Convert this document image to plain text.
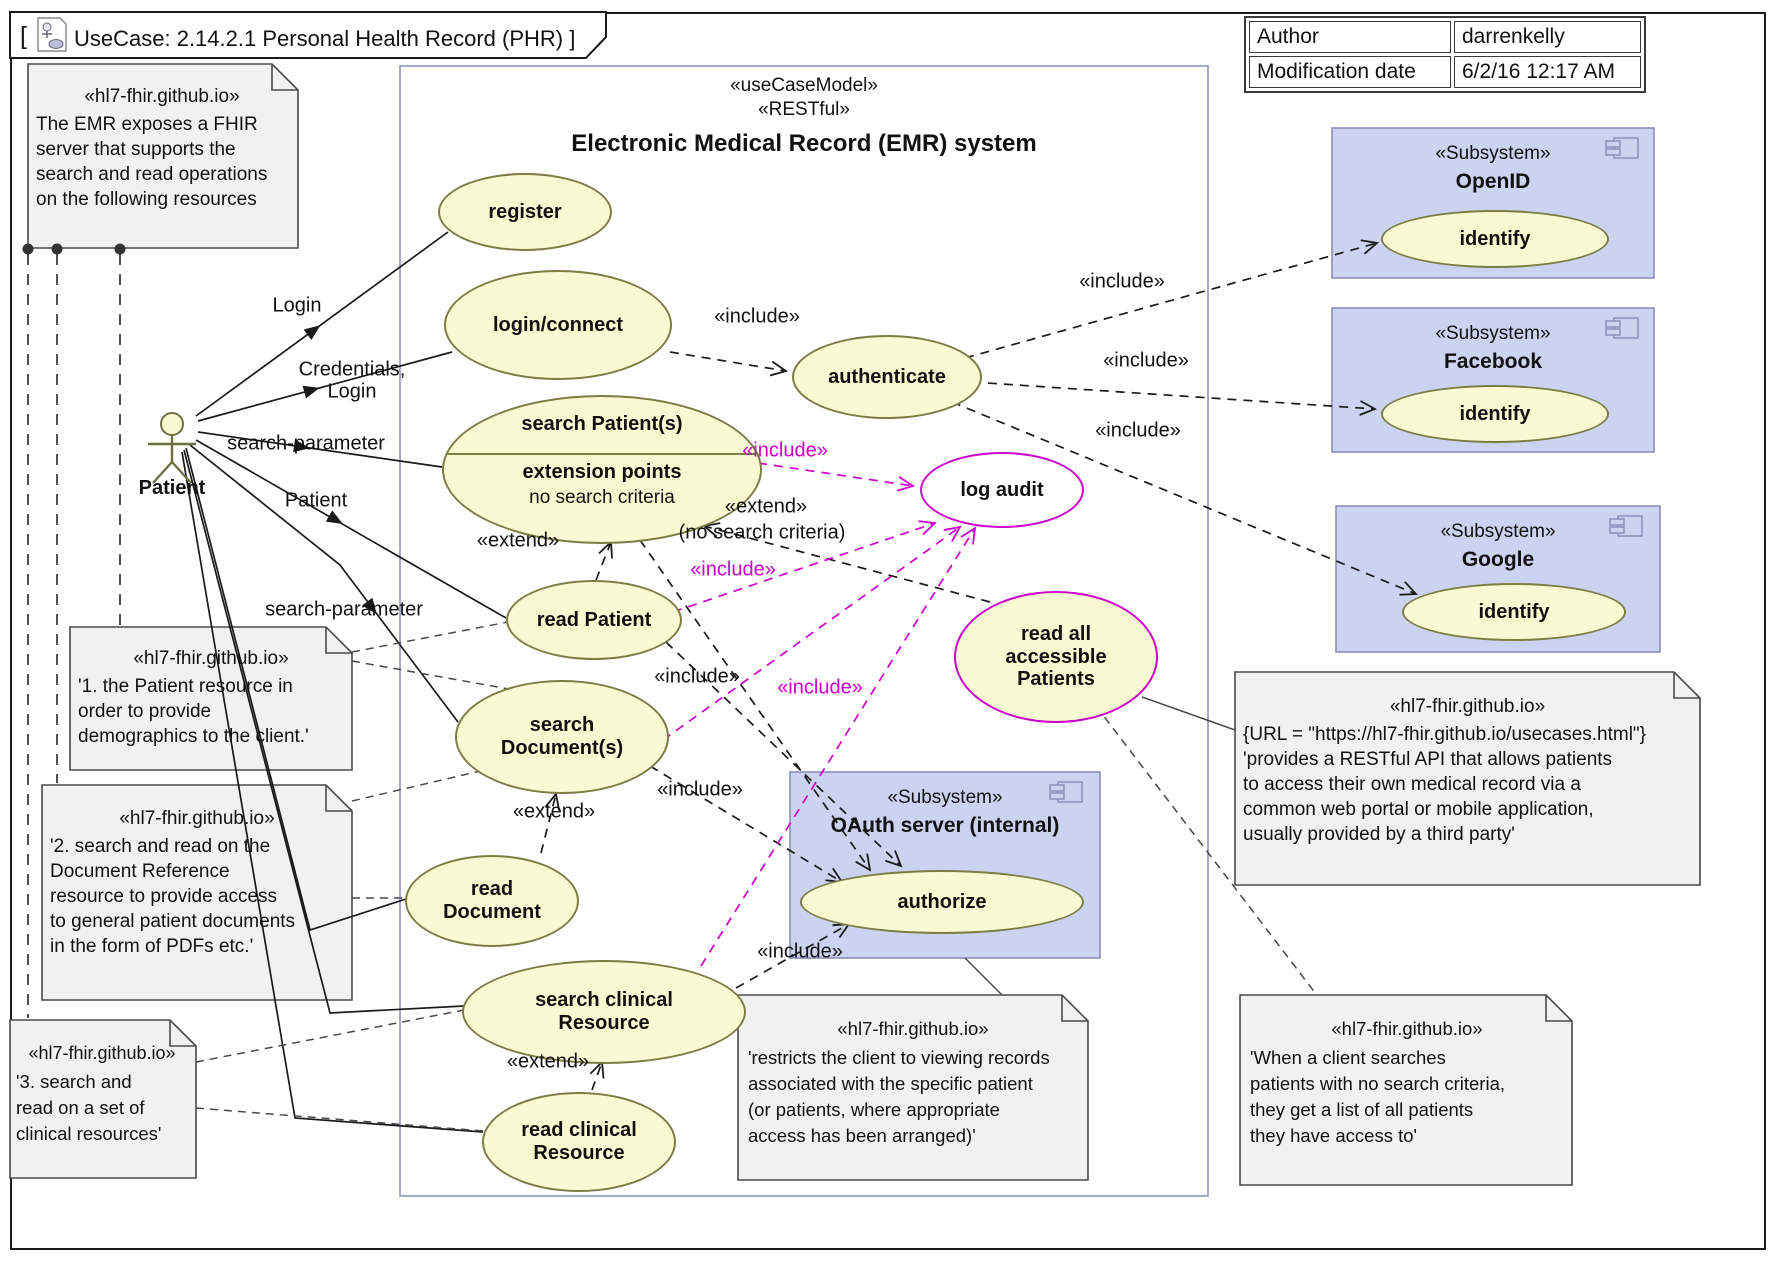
[ UseCase: 2.14.2.1 Personal Health Record (PHR) ]	Author	darrenkelly
Modification date	6/2/16 12:17 AM
«useCaseModel»
«RESTful»
Electronic Medical Record (EMR) system
Patient
register
login/connect
search Patient(s)
extension points
no search criteria
read Patient
search
Document(s)
read
Document
search clinical
Resource
read clinical
Resource
authenticate
log audit
read all
accessible
Patients
identify
identify
identify
authorize
«Subsystem»
OpenID
«Subsystem»
Facebook
«Subsystem»
Google
«Subsystem»
OAuth server (internal)
Login
Credentials,
Login
search-parameter
Patient
search-parameter
«include»
«include»
«include»
«include»
«include»
«include»
«include»
«extend»
(no search criteria)
«extend»
«extend»
«extend»
«include»
«include»
«include»
«hl7-fhir.github.io»
The EMR exposes a FHIR
server that supports the
search and read operations
on the following resources
«hl7-fhir.github.io»
'1. the Patient resource in
order to provide
demographics to the client.'
«hl7-fhir.github.io»
'2. search and read on the
Document Reference
resource to provide access
to general patient documents
in the form of PDFs etc.'
«hl7-fhir.github.io»
'3. search and
read on a set of
clinical resources'
«hl7-fhir.github.io»
'restricts the client to viewing records
associated with the specific patient
(or patients, where appropriate
access has been arranged)'
«hl7-fhir.github.io»
'When a client searches
patients with no search criteria,
they get a list of all patients
they have access to'
«hl7-fhir.github.io»
{URL = "https://hl7-fhir.github.io/usecases.html"}
'provides a RESTful API that allows patients
to access their own medical record via a
common web portal or mobile application,
usually provided by a third party'
